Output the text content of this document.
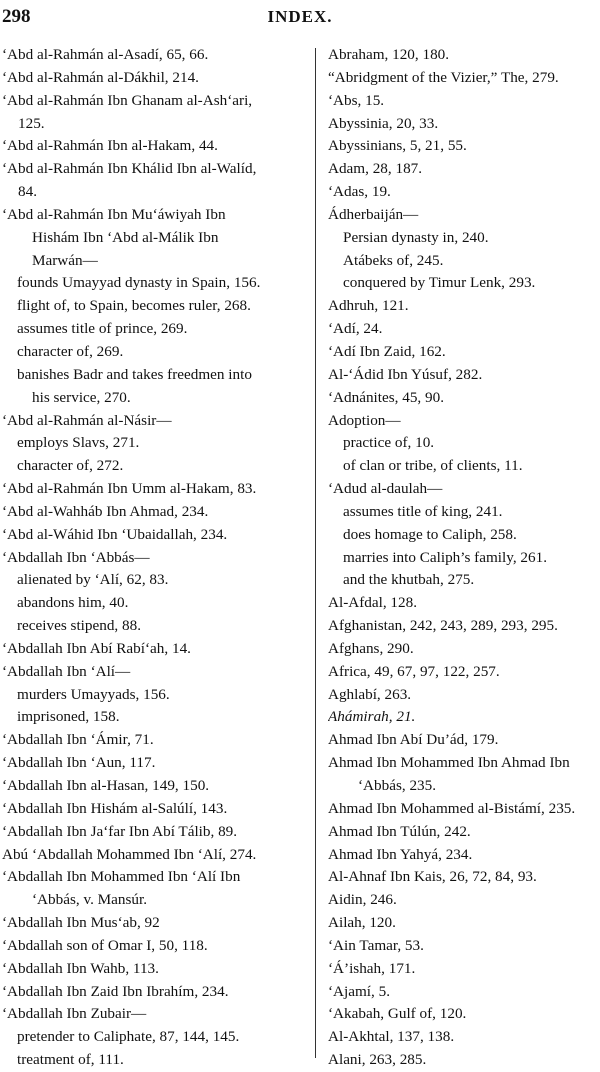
298	INDEX.
‘Abd al-Rahmán al-Asadí, 65, 66.
‘Abd al-Rahmán al-Dákhil, 214.
‘Abd al-Rahmán Ibn Ghanam al-Ash‘ari,
125.
‘Abd al-Rahmán Ibn al-Hakam, 44.
‘Abd al-Rahmán Ibn Khálid Ibn al-Walíd,
84.
‘Abd al-Rahmán Ibn Mu‘áwiyah Ibn
Hishám Ibn ‘Abd al-Málik Ibn
Marwán—
founds Umayyad dynasty in Spain, 156.
flight of, to Spain, becomes ruler, 268.
assumes title of prince, 269.
character of, 269.
banishes Badr and takes freedmen into
his service, 270.
‘Abd al-Rahmán al-Násir—
employs Slavs, 271.
character of, 272.
‘Abd al-Rahmán Ibn Umm al-Hakam, 83.
‘Abd al-Wahháb Ibn Ahmad, 234.
‘Abd al-Wáhid Ibn ‘Ubaidallah, 234.
‘Abdallah Ibn ‘Abbás—
alienated by ‘Alí, 62, 83.
abandons him, 40.
receives stipend, 88.
‘Abdallah Ibn Abí Rabí‘ah, 14.
‘Abdallah Ibn ‘Alí—
murders Umayyads, 156.
imprisoned, 158.
‘Abdallah Ibn ‘Ámir, 71.
‘Abdallah Ibn ‘Aun, 117.
‘Abdallah Ibn al-Hasan, 149, 150.
‘Abdallah Ibn Hishám al-Salúlí, 143.
‘Abdallah Ibn Ja‘far Ibn Abí Tálib, 89.
Abú ‘Abdallah Mohammed Ibn ‘Alí, 274.
‘Abdallah Ibn Mohammed Ibn ‘Alí Ibn
‘Abbás, v. Mansúr.
‘Abdallah Ibn Mus‘ab, 92
‘Abdallah son of Omar I, 50, 118.
‘Abdallah Ibn Wahb, 113.
‘Abdallah Ibn Zaid Ibn Ibrahím, 234.
‘Abdallah Ibn Zubair—
pretender to Caliphate, 87, 144, 145.
treatment of, 111.
Abraham, 120, 180.
“Abridgment of the Vizier,” The, 279.
‘Abs, 15.
Abyssinia, 20, 33.
Abyssinians, 5, 21, 55.
Adam, 28, 187.
‘Adas, 19.
Ádherbaiján—
Persian dynasty in, 240.
Atábeks of, 245.
conquered by Timur Lenk, 293.
Adhruh, 121.
‘Adí, 24.
‘Adí Ibn Zaid, 162.
Al-‘Ádid Ibn Yúsuf, 282.
‘Adnánites, 45, 90.
Adoption—
practice of, 10.
of clan or tribe, of clients, 11.
‘Adud al-daulah—
assumes title of king, 241.
does homage to Caliph, 258.
marries into Caliph’s family, 261.
and the khutbah, 275.
Al-Afdal, 128.
Afghanistan, 242, 243, 289, 293, 295.
Afghans, 290.
Africa, 49, 67, 97, 122, 257.
Aghlabí, 263.
Ahámirah, 21.
Ahmad Ibn Abí Du’ád, 179.
Ahmad Ibn Mohammed Ibn Ahmad Ibn
‘Abbás, 235.
Ahmad Ibn Mohammed al-Bistámí, 235.
Ahmad Ibn Túlún, 242.
Ahmad Ibn Yahyá, 234.
Al-Ahnaf Ibn Kais, 26, 72, 84, 93.
Aidin, 246.
Ailah, 120.
‘Ain Tamar, 53.
‘Á’ishah, 171.
‘Ajamí, 5.
‘Akabah, Gulf of, 120.
Al-Akhtal, 137, 138.
Alani, 263, 285.
